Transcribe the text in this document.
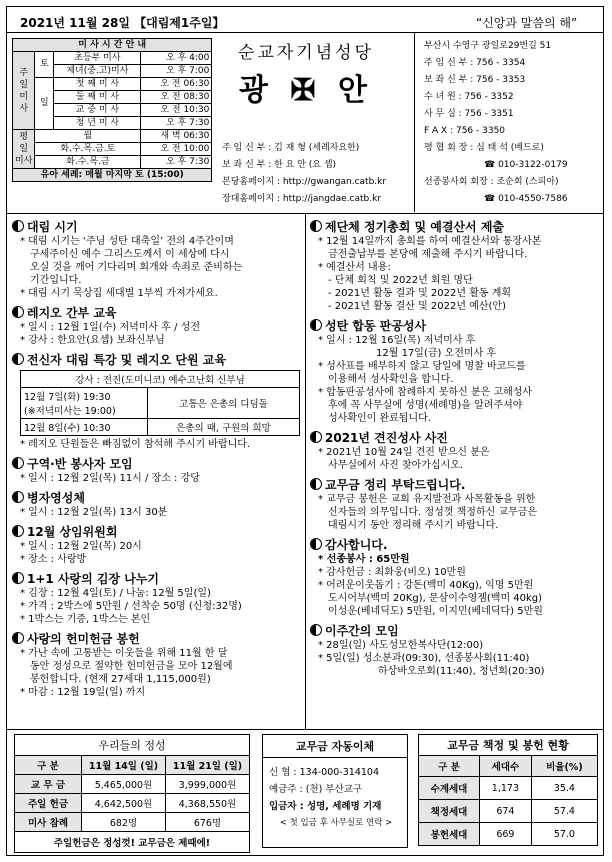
2021년 11월 28일 【대림제1주일】	“신앙과 말씀의 해”
미 사 시 간 안 내			
주
일
미
사	토	초등부 미사	오 후 4:00
		제녀(중.고)미사	오 후 7:00
	일	첫 째 미 사	오 전 06:30
		둘 째 미 사	오 전 08:30
		교 중 미 사	오 전 10:30
		청 년 미 사	오 후 7:30
평
일
미사	월		새 벽 06:30
	화.수.목.금.토		오 전 10:00
	화.수.목.금		오 후 7:30
유아 세례: 매월 마지막 토 (15:00)			
순교자기념성당
광 ✠ 안
주 임 신 부 : 김 재 형 (세례자요한)
보 좌 신 부 : 한 요 안 (요 셉)
본당홈페이지 : http://gwangan.catb.kr
장대홈페이지 : http://jangdae.catb.kr
부산시 수영구 광일로29번길 51
주 임 신 부 : 756 - 3354
보 좌 신 부 : 756 - 3353
수 녀 원 : 756 - 3352
사 무 실 : 756 - 3351
F A X : 756 - 3350
평 협 회 장 : 심 태 석 (베드로)
☎ 010-3122-0179
선종봉사회 회장 : 조순희 (스피아)
☎ 010-4550-7586
대림 시기

* 대림 시기는 ‘주님 성탄 대축일’ 전의 4주간이며

구세주이신 예수 그리스도께서 이 세상에 다시

오실 것을 깨어 기다리며 회개와 속죄로 준비하는

기간입니다.

* 대림 시기 묵상집 세대별 1부씩 가져가세요.

레지오 간부 교육

* 일시 : 12월 1일(수) 저녁미사 후 / 성전

* 강사 : 한요안(요셉) 보좌신부님

전신자 대림 특강 및 레지오 단원 교육
강사 : 전진(도미니코) 예수고난회 신부님	
12월 7일(화) 19:30
(※저녁미사는 19:00)	고통은 은총의 디딤돌
12월 8일(수) 10:30	은총의 때, 구원의 희망

* 레지오 단원들은 빠짐없이 참석해 주시기 바랍니다.

구역·반 봉사자 모임

* 일시 : 12월 2일(목) 11시 / 장소 : 강당

병자영성체

* 일시 : 12월 2일(목) 13시 30분

12월 상임위원회

* 일시 : 12월 2일(목) 20시

* 장소 : 사랑방

1+1 사랑의 김장 나누기

* 김장 : 12월 4일(토) / 나눔: 12월 5일(일)

* 가격 : 2박스에 5만원 / 선착순 50명 (신청:32명)

* 1박스는 기증, 1박스는 본인

사랑의 헌미헌금 봉헌

* 가난 속에 고통받는 이웃들을 위해 11월 한 달

동안 정성으로 절약한 헌미헌금을 모아 12월에

봉헌합니다. (현재 27세대 1,115,000원)

* 마감 : 12월 19일(일) 까지

제단체 정기총회 및 예결산서 제출

* 12월 14일까지 총회를 하여 예결산서와 통장사본

금전출납부를 본당에 제출해 주시기 바랍니다.

* 예결산서 내용:

- 단체 회칙 및 2022년 회원 명단

- 2021년 활동 결과 및 2022년 활동 계획

- 2021년 활동 결산 및 2022년 예산(안)

성탄 합동 판공성사

* 일시 : 12월 16일(목) 저녁미사 후

12월 17일(금) 오전미사 후

* 성사표를 배부하지 않고 당일에 명찰 바코드를

이용해서 성사확인을 합니다.

* 합동판공성사에 참례하지 못하신 분은 고해성사

후에 꼭 사무실에 성명(세례명)을 알려주셔야

성사확인이 완료됩니다.

2021년 견진성사 사진

* 2021년 10월 24일 견진 받으신 분은

사무실에서 사진 찾아가십시오.

교무금 정리 부탁드립니다.

* 교무금 봉헌은 교회 유지발전과 사목활동을 위한

신자들의 의무입니다. 정성껏 책정하신 교무금은

대림시기 동안 정리해 주시기 바랍니다.

감사합니다.

* 선종봉사 : 65만원

* 감사헌금 : 최화웅(비오) 10만원

* 어려운이웃돕기 : 강돈(백미 40Kg), 익명 5만원

도시어부(백미 20Kg), 문삼이수영젬(백미 40kg)

이성운(베네딕도) 5만원, 이지민(베네딕다) 5만원

이주간의 모임

* 28일(일) 사도성모한복사단(12:00)

* 5일(일) 성소분과(09:30), 선종봉사회(11:40)

하상바오로회(11:40), 청년회(20:30)

우리들의 정성		
구 분	11월 14일 (일)	11월 21일 (일)
교 무 금	5,465,000원	3,999,000원
주일 헌금	4,642,500원	4,368,550원
미사 참례	682명	676명
주일헌금은 정성껏! 교무금은 제때에!		
교무금 자동이체
신 협 : 134-000-314104
예금주 : (천) 부산교구
입금자 : 성명, 세례명 기재
< 첫 입금 후 사무실로 연락 >
교무금 책정 및 봉헌 현황		
구 분	세대수	비율(%)
수계세대	1,173	35.4
책정세대	674	57.4
봉헌세대	669	57.0
